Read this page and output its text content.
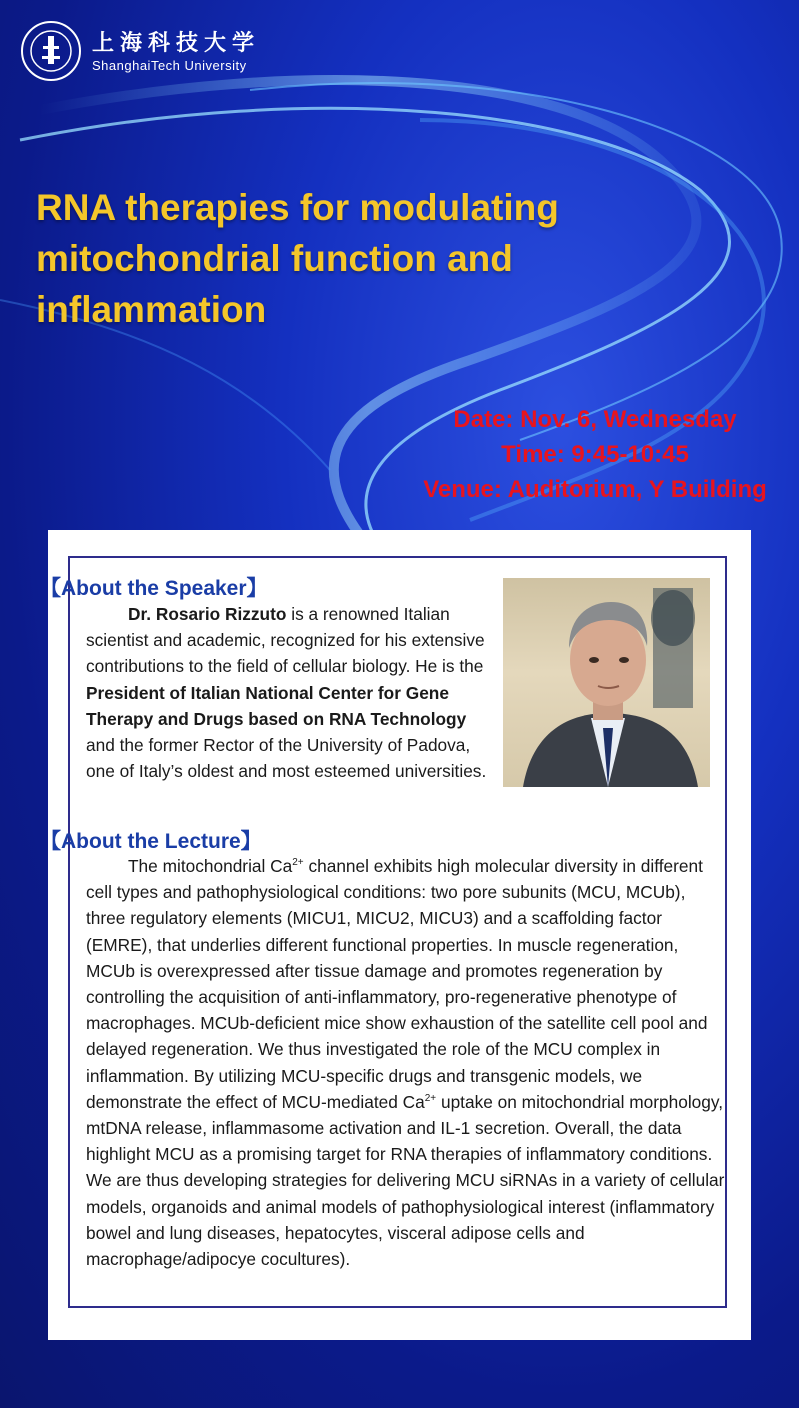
上海科技大学
ShanghaiTech University
RNA therapies for modulating mitochondrial function and inflammation
Date: Nov. 6, Wednesday
Time: 9:45-10:45
Venue: Auditorium, Y Building
【About the Speaker】
Dr. Rosario Rizzuto is a renowned Italian scientist and academic, recognized for his extensive contributions to the field of cellular biology. He is the President of Italian National Center for Gene Therapy and Drugs based on RNA Technology and the former Rector of the University of Padova, one of Italy’s oldest and most esteemed universities.
【About the Lecture】
The mitochondrial $Ca^{2+}$ channel exhibits high molecular diversity in different cell types and pathophysiological conditions: two pore subunits (MCU, MCUb), three regulatory elements (MICU1, MICU2, MICU3) and a scaffolding factor (EMRE), that underlies different functional properties. In muscle regeneration, MCUb is overexpressed after tissue damage and promotes regeneration by controlling the acquisition of anti-inflammatory, pro-regenerative phenotype of macrophages. MCUb-deficient mice show exhaustion of the satellite cell pool and delayed regeneration. We thus investigated the role of the MCU complex in inflammation. By utilizing MCU-specific drugs and transgenic models, we demonstrate the effect of MCU-mediated $Ca^{2+}$ uptake on mitochondrial morphology, mtDNA release, inflammasome activation and IL-1 secretion. Overall, the data highlight MCU as a promising target for RNA therapies of inflammatory conditions. We are thus developing strategies for delivering MCU siRNAs in a variety of cellular models, organoids and animal models of pathophysiological interest (inflammatory bowel and lung diseases, hepatocytes, visceral adipose cells and macrophage/adipocye cocultures).
